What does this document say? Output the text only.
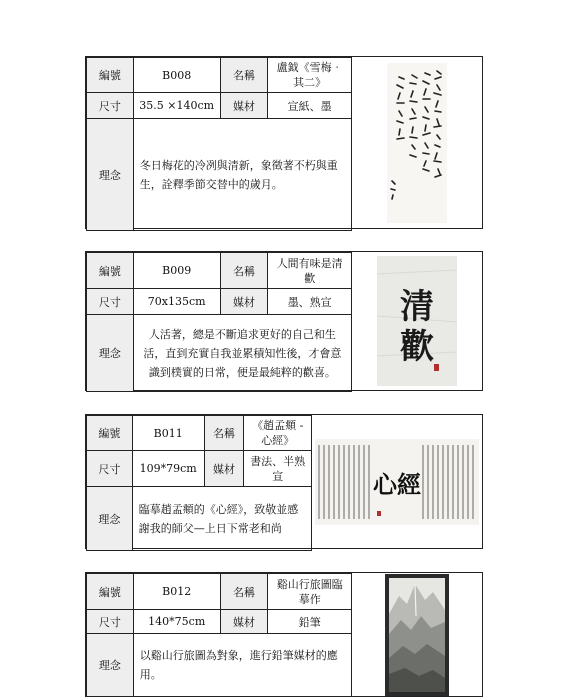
編號	B008	名稱	盧鉞《雪梅‧其二》
尺寸	35.5 ×140cm	媒材	宣紙、墨
理念	冬日梅花的冷冽與清新，象徵著不朽與重生，詮釋季節交替中的歲月。		
編號	B009	名稱	人間有味是清歡
尺寸	70x135cm	媒材	墨、熟宣
理念	人活著，總是不斷追求更好的自己和生活，直到充實自我並累積知性後，才會意識到樸實的日常，便是最純粹的歡喜。		
清
歡
編號	B011	名稱	《趙孟頫 -心經》
尺寸	109*79cm	媒材	書法、半熟宣
理念	臨摹趙孟頫的《心經》，致敬並感謝我的師父—上日下常老和尚		
心經
編號	B012	名稱	谿山行旅圖臨摹作
尺寸	140*75cm	媒材	鉛筆
理念	以谿山行旅圖為對象，進行鉛筆媒材的應用。		
